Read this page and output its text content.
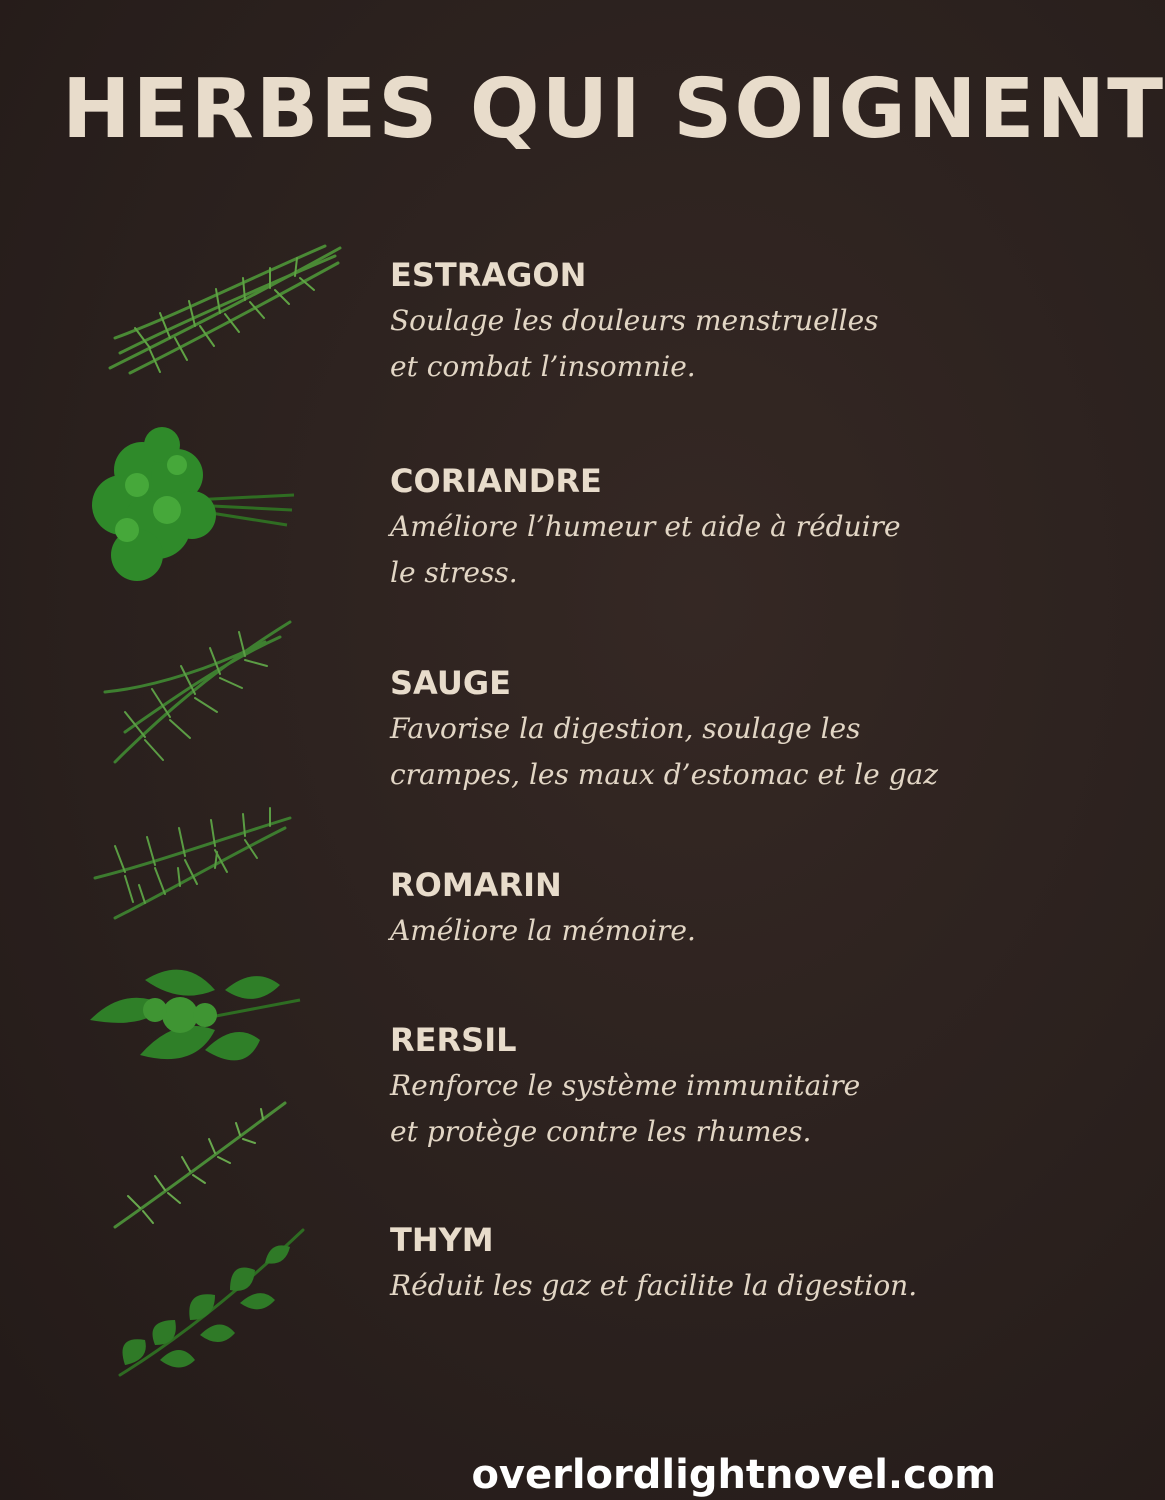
HERBES QUI SOIGNENT
ESTRAGON
Soulage les douleurs menstruelles
et combat l’insomnie.
CORIANDRE
Améliore l’humeur et aide à réduire
le stress.
SAUGE
Favorise la digestion, soulage les
crampes, les maux d’estomac et le gaz
ROMARIN
Améliore la mémoire.
RERSIL
Renforce le système immunitaire
et protège contre les rhumes.
THYM
Réduit les gaz et facilite la digestion.
overlordlightnovel.com
